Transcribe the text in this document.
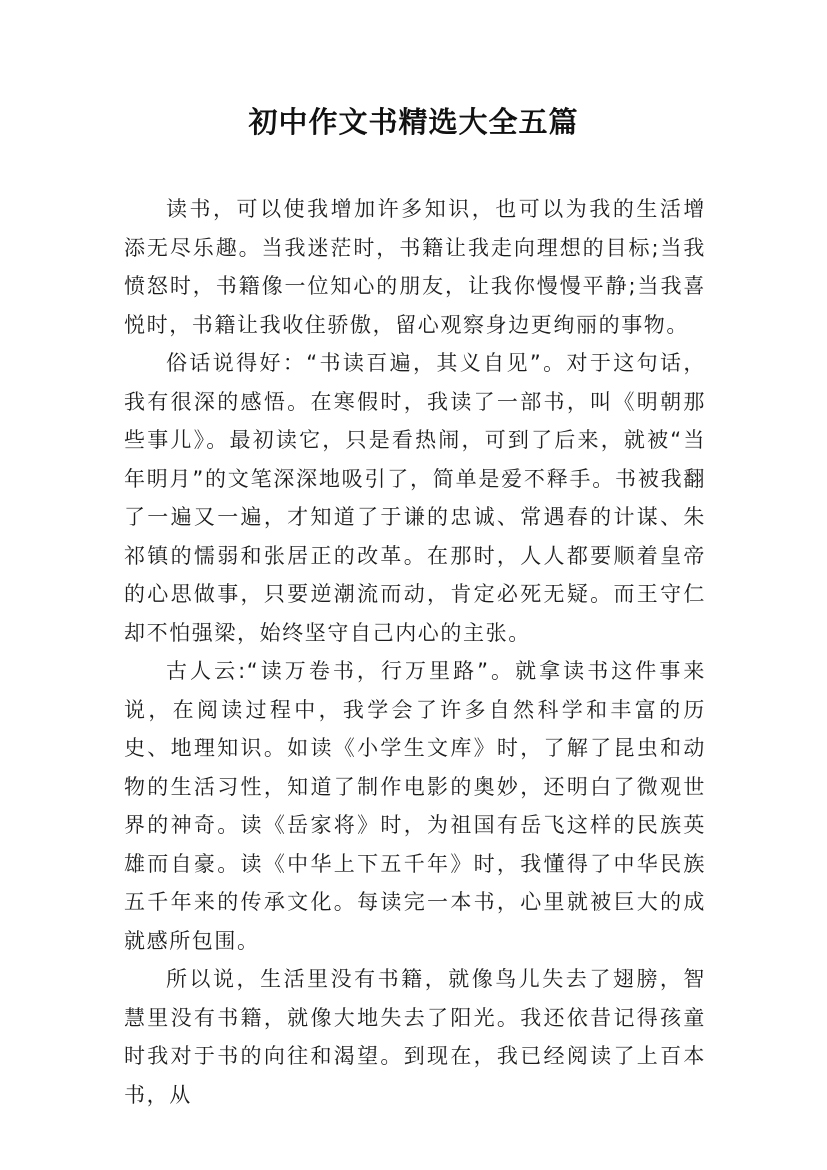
初中作文书精选大全五篇

读书，可以使我增加许多知识，也可以为我的生活增添无尽乐趣。当我迷茫时，书籍让我走向理想的目标;当我愤怒时，书籍像一位知心的朋友，让我你慢慢平静;当我喜悦时，书籍让我收住骄傲，留心观察身边更绚丽的事物。

俗话说得好：“书读百遍，其义自见”。对于这句话，我有很深的感悟。在寒假时，我读了一部书，叫《明朝那些事儿》。最初读它，只是看热闹，可到了后来，就被“当年明月”的文笔深深地吸引了，简单是爱不释手。书被我翻了一遍又一遍，才知道了于谦的忠诚、常遇春的计谋、朱祁镇的懦弱和张居正的改革。在那时，人人都要顺着皇帝的心思做事，只要逆潮流而动，肯定必死无疑。而王守仁却不怕强梁，始终坚守自己内心的主张。

古人云:“读万卷书，行万里路”。就拿读书这件事来说，在阅读过程中，我学会了许多自然科学和丰富的历史、地理知识。如读《小学生文库》时，了解了昆虫和动物的生活习性，知道了制作电影的奥妙，还明白了微观世界的神奇。读《岳家将》时，为祖国有岳飞这样的民族英雄而自豪。读《中华上下五千年》时，我懂得了中华民族五千年来的传承文化。每读完一本书，心里就被巨大的成就感所包围。

所以说，生活里没有书籍，就像鸟儿失去了翅膀，智慧里没有书籍，就像大地失去了阳光。我还依昔记得孩童时我对于书的向往和渴望。到现在，我已经阅读了上百本书，从
